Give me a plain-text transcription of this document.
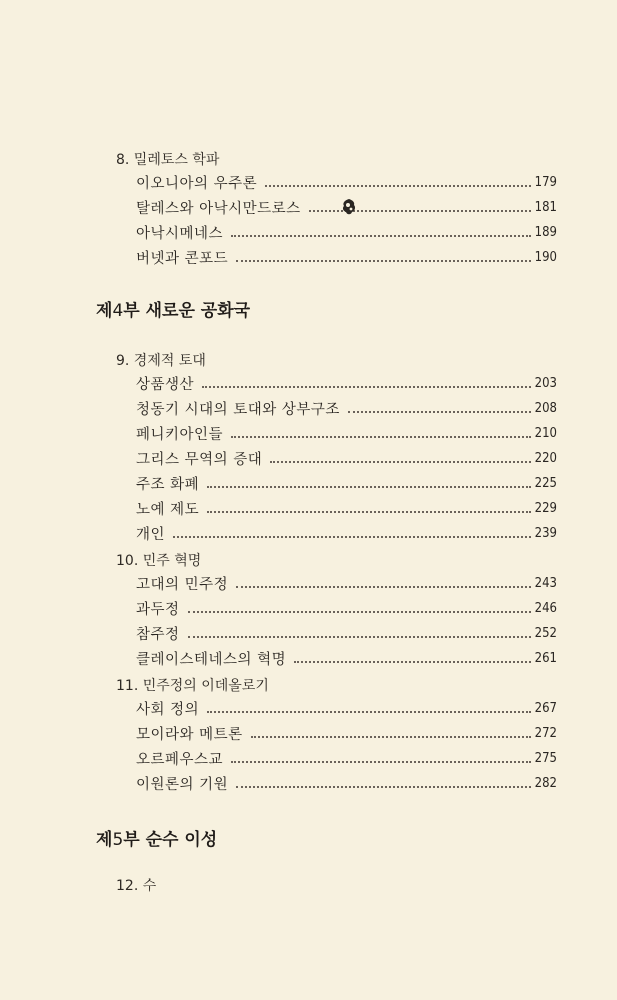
8. 밀레토스 학파
이오니아의 우주론	179
탈레스와 아낙시만드로스	181
아낙시메네스	189
버넷과 콘포드	190
제4부 새로운 공화국
9. 경제적 토대
상품생산	203
청동기 시대의 토대와 상부구조	208
페니키아인들	210
그리스 무역의 증대	220
주조 화폐	225
노예 제도	229
개인	239
10. 민주 혁명
고대의 민주정	243
과두정	246
참주정	252
클레이스테네스의 혁명	261
11. 민주정의 이데올로기
사회 정의	267
모이라와 메트론	272
오르페우스교	275
이원론의 기원	282
제5부 순수 이성
12. 수
